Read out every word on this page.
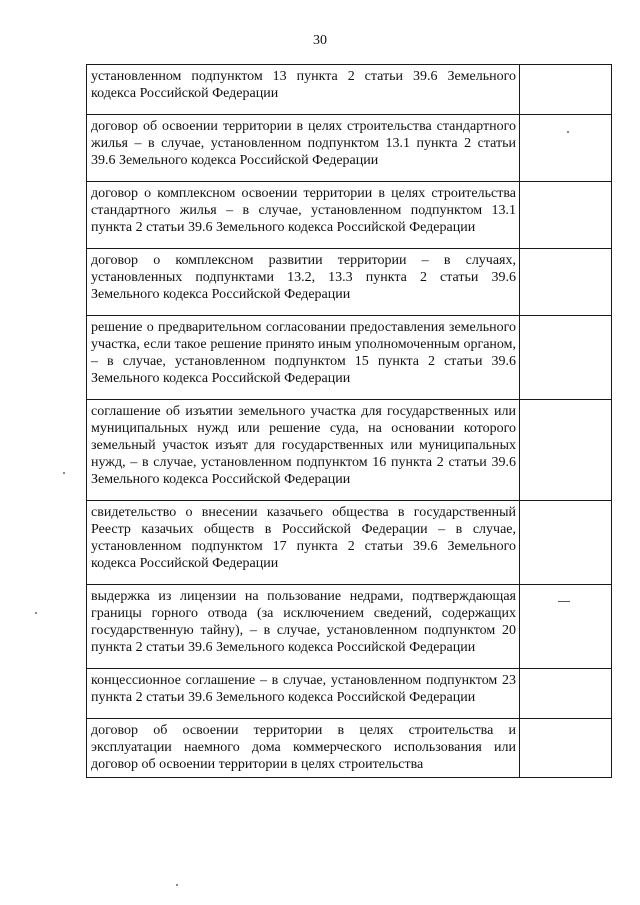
30
установленном подпунктом 13 пункта 2 статьи 39.6 Земельного кодекса Российской Федерации	
договор об освоении территории в целях строительства стандартного жилья – в случае, установленном подпунктом 13.1 пункта 2 статьи 39.6 Земельного кодекса Российской Федерации	
договор о комплексном освоении территории в целях строительства стандартного жилья – в случае, установленном подпунктом 13.1 пункта 2 статьи 39.6 Земельного кодекса Российской Федерации	
договор о комплексном развитии территории – в случаях, установленных подпунктами 13.2, 13.3 пункта 2 статьи 39.6 Земельного кодекса Российской Федерации	
решение о предварительном согласовании предоставления земельного участка, если такое решение принято иным уполномоченным органом, – в случае, установленном подпунктом 15 пункта 2 статьи 39.6 Земельного кодекса Российской Федерации	
соглашение об изъятии земельного участка для государственных или муниципальных нужд или решение суда, на основании которого земельный участок изъят для государственных или муниципальных нужд, – в случае, установленном подпунктом 16 пункта 2 статьи 39.6 Земельного кодекса Российской Федерации	
свидетельство о внесении казачьего общества в государственный Реестр казачьих обществ в Российской Федерации – в случае, установленном подпунктом 17 пункта 2 статьи 39.6 Земельного кодекса Российской Федерации	
выдержка из лицензии на пользование недрами, подтверждающая границы горного отвода (за исключением сведений, содержащих государственную тайну), – в случае, установленном подпунктом 20 пункта 2 статьи 39.6 Земельного кодекса Российской Федерации	

концессионное соглашение – в случае, установленном подпунктом 23 пункта 2 статьи 39.6 Земельного кодекса Российской Федерации	
договор об освоении территории в целях строительства и эксплуатации наемного дома коммерческого использования или договор об освоении территории в целях строительства	
